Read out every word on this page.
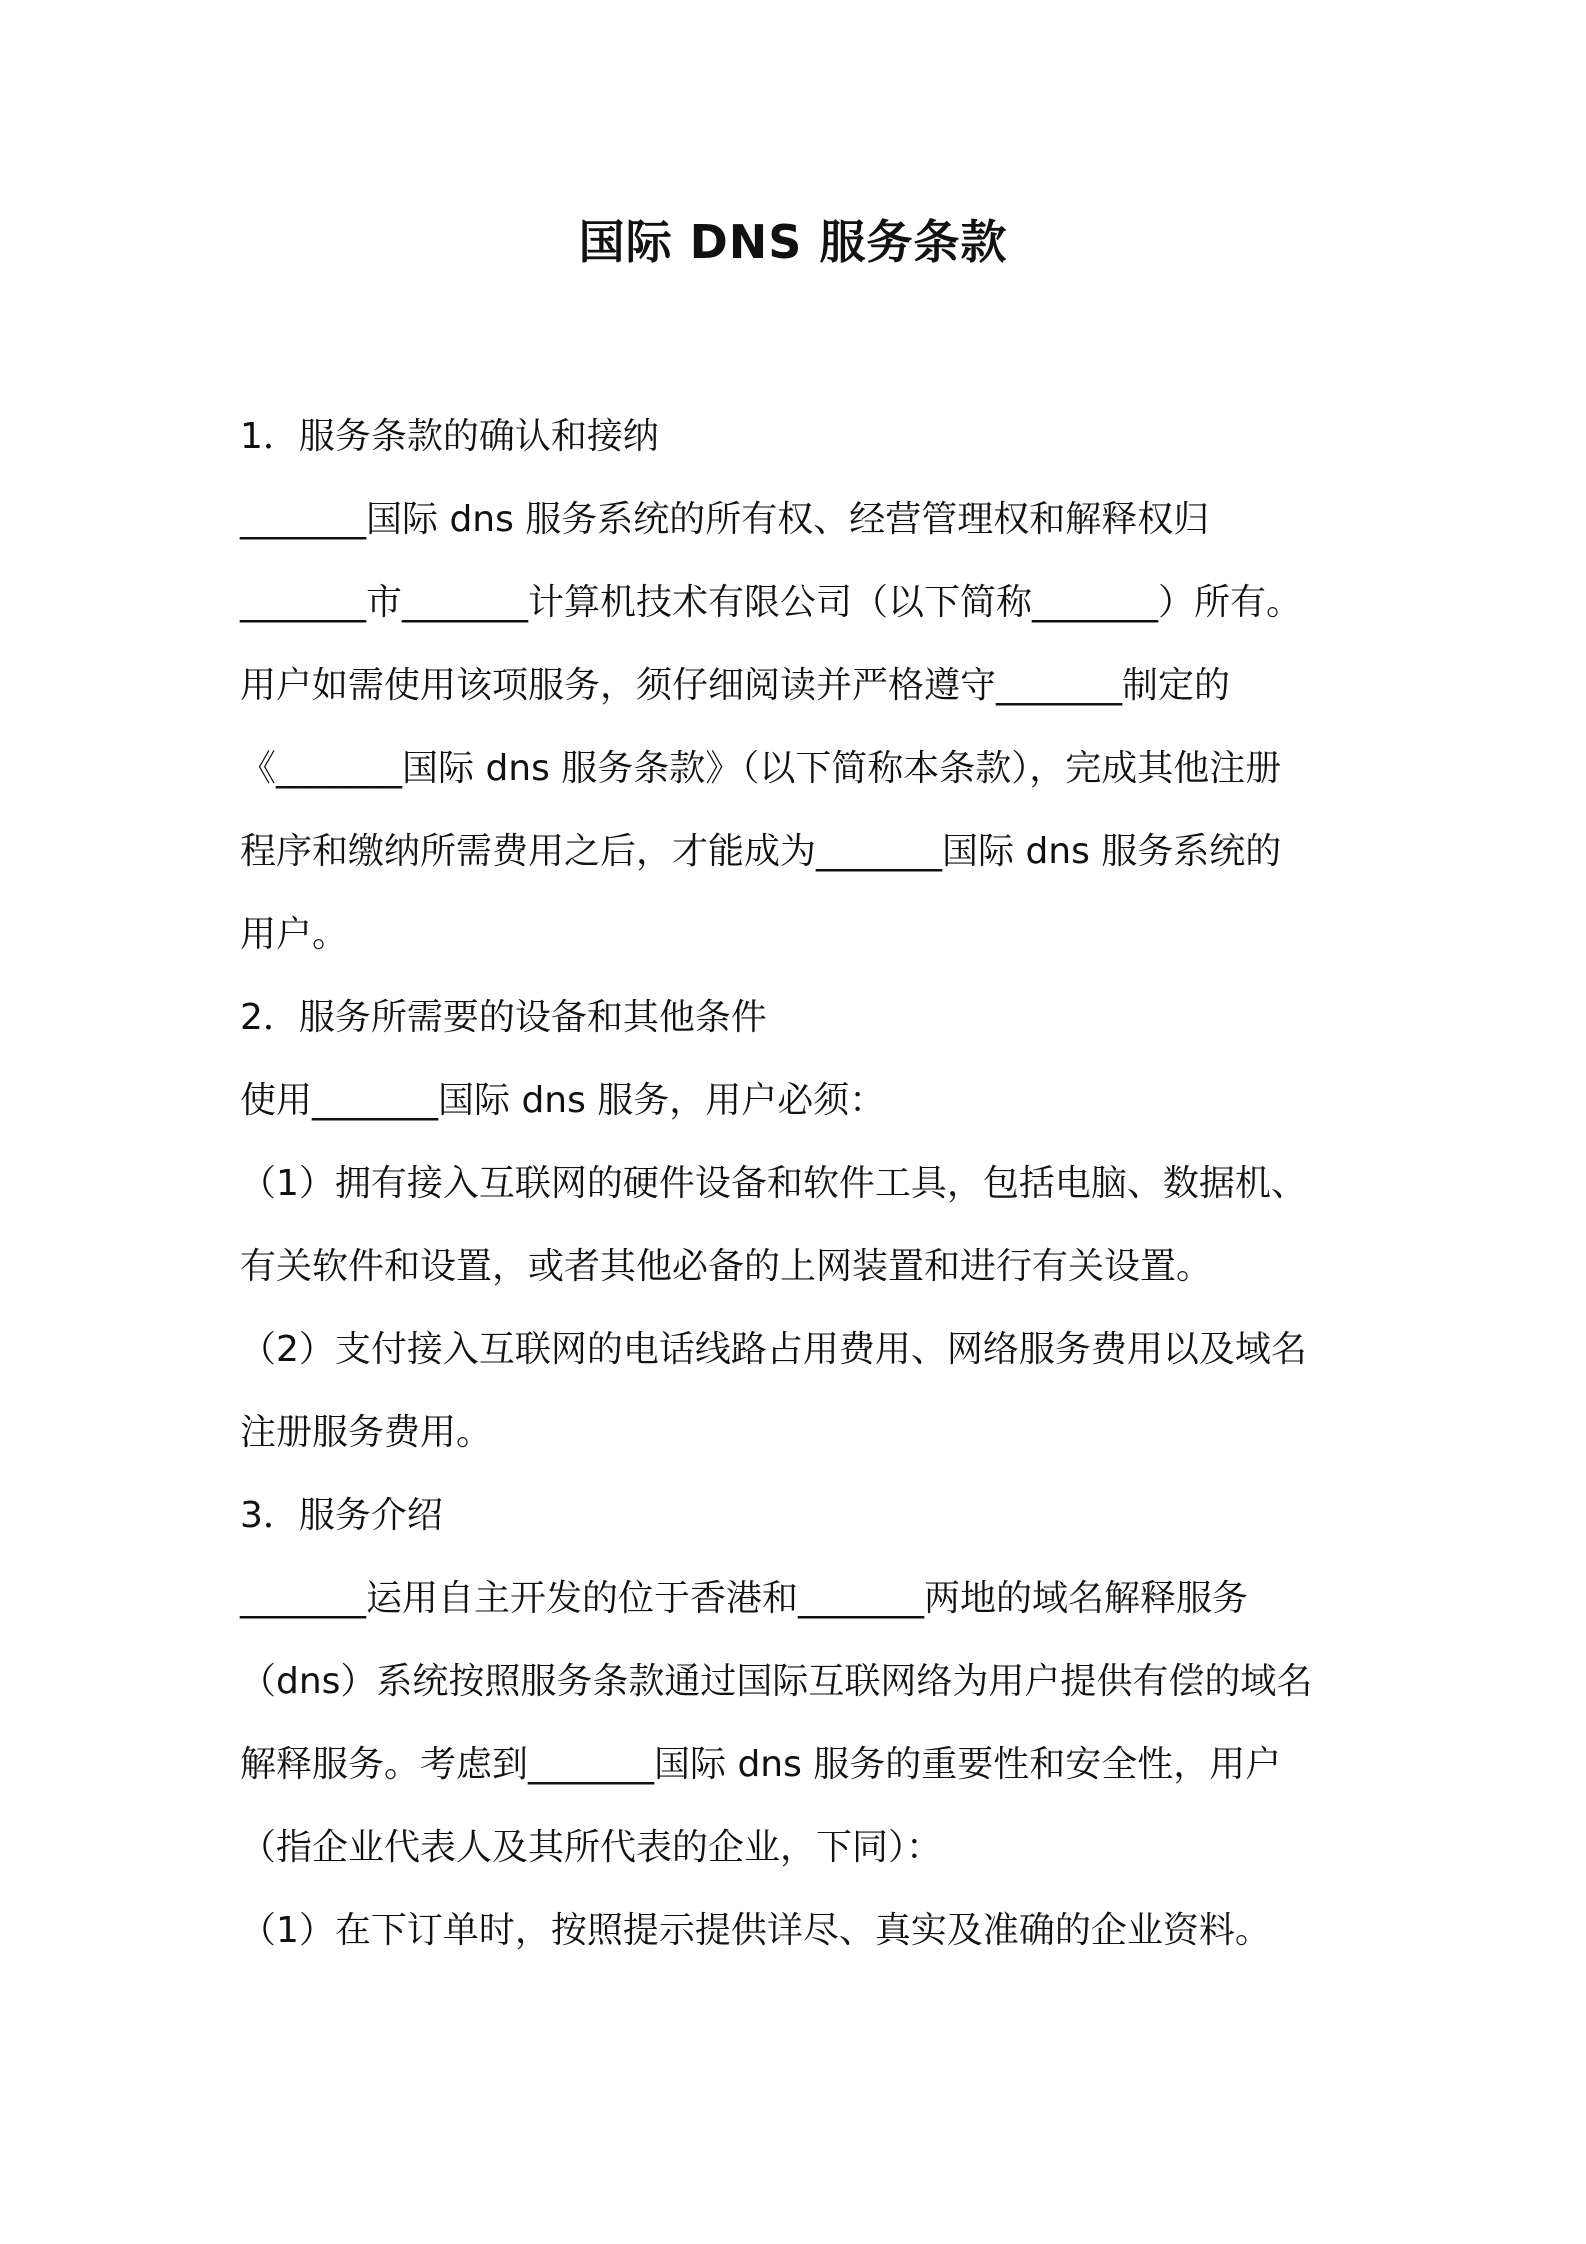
国际 DNS 服务条款
1．服务条款的确认和接纳
_______国际 dns 服务系统的所有权、经营管理权和解释权归
_______市_______计算机技术有限公司（以下简称_______）所有。
用户如需使用该项服务，须仔细阅读并严格遵守_______制定的
《_______国际 dns 服务条款》（以下简称本条款），完成其他注册
程序和缴纳所需费用之后，才能成为_______国际 dns 服务系统的
用户。
2．服务所需要的设备和其他条件
使用_______国际 dns 服务，用户必须：
（1）拥有接入互联网的硬件设备和软件工具，包括电脑、数据机、
有关软件和设置，或者其他必备的上网装置和进行有关设置。
（2）支付接入互联网的电话线路占用费用、网络服务费用以及域名
注册服务费用。
3．服务介绍
_______运用自主开发的位于香港和_______两地的域名解释服务
（dns）系统按照服务条款通过国际互联网络为用户提供有偿的域名
解释服务。考虑到_______国际 dns 服务的重要性和安全性，用户
（指企业代表人及其所代表的企业，下同）：
（1）在下订单时，按照提示提供详尽、真实及准确的企业资料。
